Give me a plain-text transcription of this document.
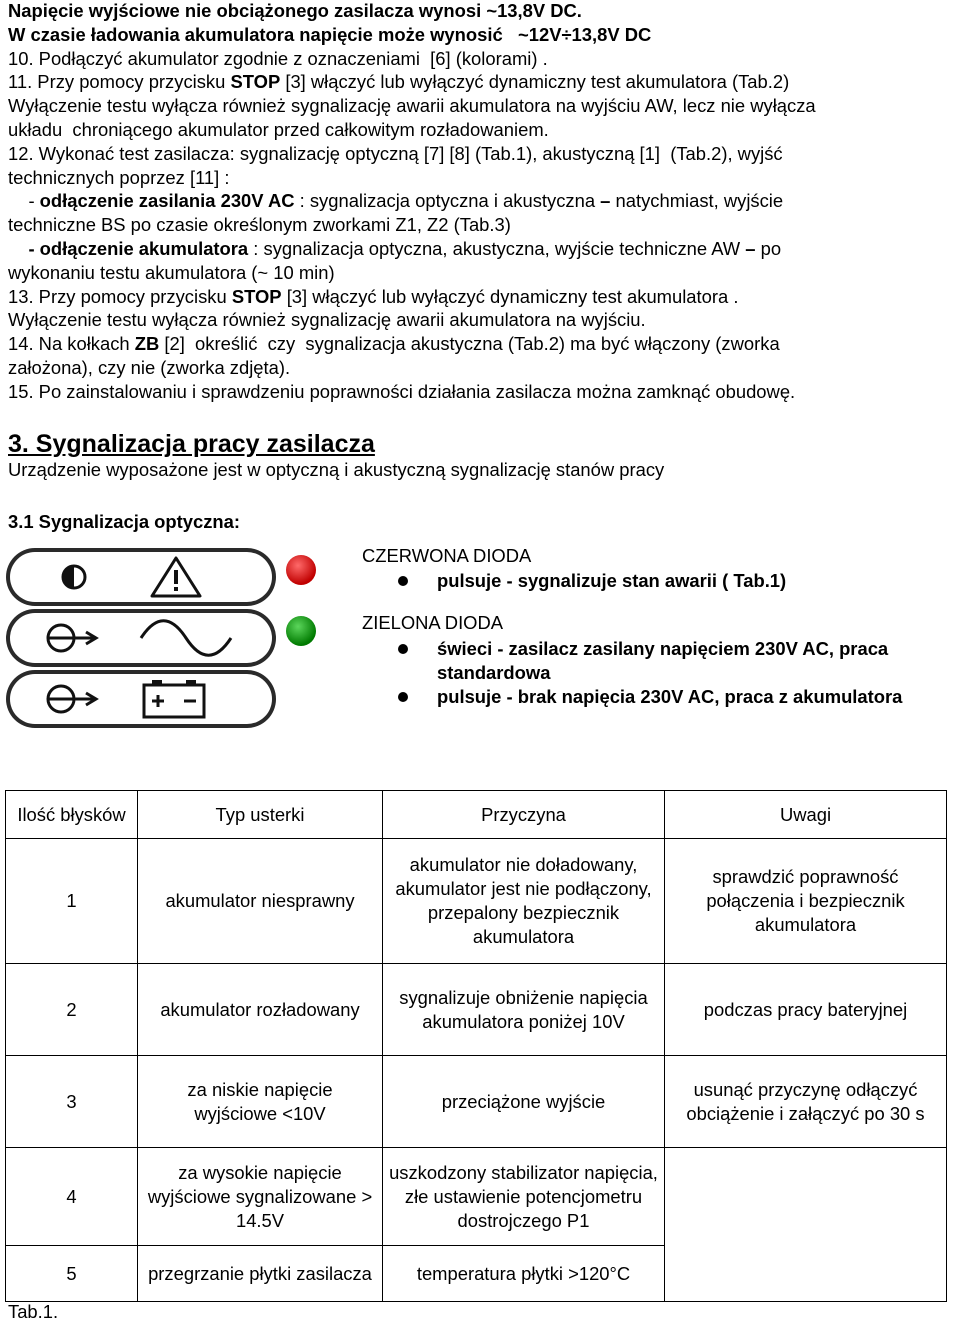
Napięcie wyjściowe nie obciążonego zasilacza wynosi ~13,8V DC.
W czasie ładowania akumulatora napięcie może wynosić   ~12V÷13,8V DC
10. Podłączyć akumulator zgodnie z oznaczeniami  [6] (kolorami) .
11. Przy pomocy przycisku STOP [3] włączyć lub wyłączyć dynamiczny test akumulatora (Tab.2)
Wyłączenie testu wyłącza również sygnalizację awarii akumulatora na wyjściu AW, lecz nie wyłącza
układu  chroniącego akumulator przed całkowitym rozładowaniem.
12. Wykonać test zasilacza: sygnalizację optyczną [7] [8] (Tab.1), akustyczną [1]  (Tab.2), wyjść
technicznych poprzez [11] :
- odłączenie zasilania 230V AC : sygnalizacja optyczna i akustyczna – natychmiast, wyjście
techniczne BS po czasie określonym zworkami Z1, Z2 (Tab.3)
- odłączenie akumulatora : sygnalizacja optyczna, akustyczna, wyjście techniczne AW – po
wykonaniu testu akumulatora (~ 10 min)
13. Przy pomocy przycisku STOP [3] włączyć lub wyłączyć dynamiczny test akumulatora .
Wyłączenie testu wyłącza również sygnalizację awarii akumulatora na wyjściu.
14. Na kołkach ZB [2]  określić  czy  sygnalizacja akustyczna (Tab.2) ma być włączony (zworka
założona), czy nie (zworka zdjęta).
15. Po zainstalowaniu i sprawdzeniu poprawności działania zasilacza można zamknąć obudowę.
3. Sygnalizacja pracy zasilacza
Urządzenie wyposażone jest w optyczną i akustyczną sygnalizację stanów pracy
3.1 Sygnalizacja optyczna:
CZERWONA DIODA
pulsuje - sygnalizuje stan awarii ( Tab.1)
ZIELONA DIODA
świeci - zasilacz zasilany napięciem 230V AC, praca
standardowa
pulsuje - brak napięcia 230V AC, praca z akumulatora
Ilość błysków	Typ usterki	Przyczyna	Uwagi
1	akumulator niesprawny	akumulator nie doładowany, akumulator jest nie podłączony, przepalony bezpiecznik akumulatora	sprawdzić poprawność połączenia i bezpiecznik akumulatora
2	akumulator rozładowany	sygnalizuje obniżenie napięcia akumulatora poniżej 10V	podczas pracy bateryjnej
3	za niskie napięcie wyjściowe <10V	przeciążone wyjście	usunąć przyczynę odłączyć obciążenie i załączyć po 30 s
4	za wysokie napięcie wyjściowe sygnalizowane > 14.5V	uszkodzony stabilizator napięcia, złe ustawienie potencjometru dostrojczego P1	
5	przegrzanie płytki zasilacza	temperatura płytki >120°C	
Tab.1.
